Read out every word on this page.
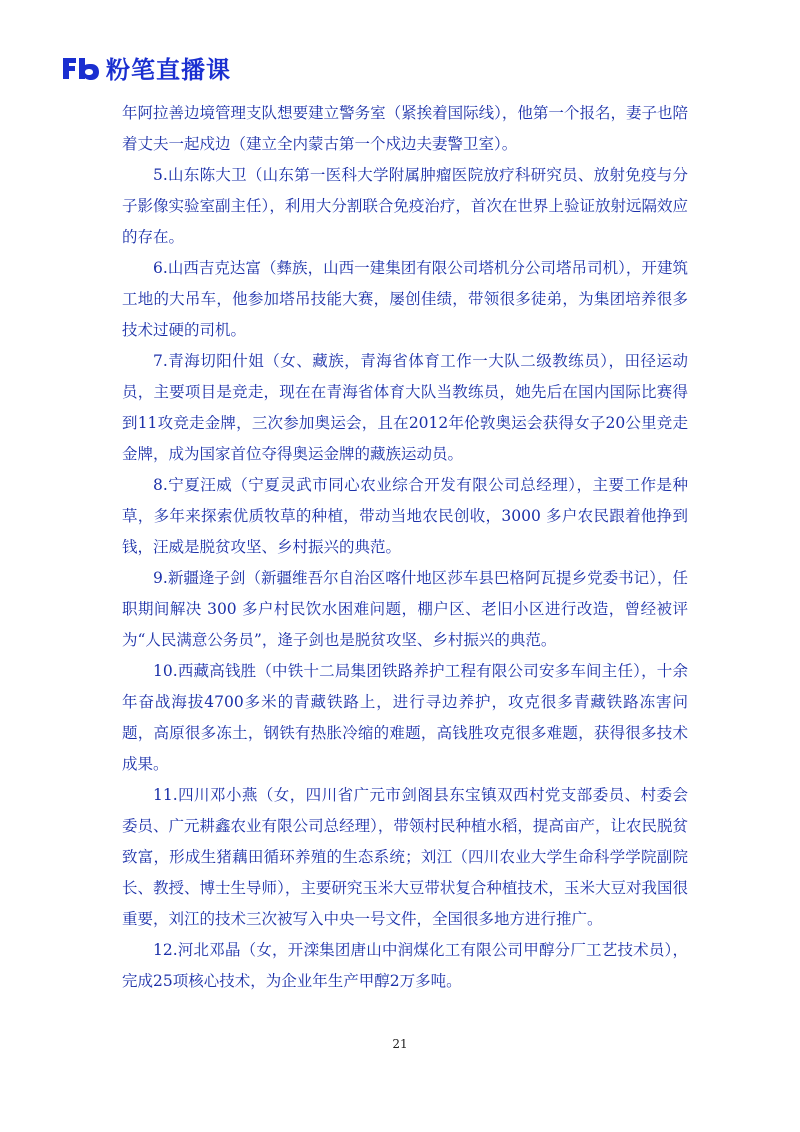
粉笔直播课

年阿拉善边境管理支队想要建立警务室（紧挨着国际线），他第一个报名，妻子也陪着丈夫一起戍边（建立全内蒙古第一个戍边夫妻警卫室）。

5.山东陈大卫（山东第一医科大学附属肿瘤医院放疗科研究员、放射免疫与分子影像实验室副主任），利用大分割联合免疫治疗，首次在世界上验证放射远隔效应的存在。

6.山西吉克达富（彝族，山西一建集团有限公司塔机分公司塔吊司机），开建筑工地的大吊车，他参加塔吊技能大赛，屡创佳绩，带领很多徒弟，为集团培养很多技术过硬的司机。

7.青海切阳什姐（女、藏族，青海省体育工作一大队二级教练员），田径运动员，主要项目是竞走，现在在青海省体育大队当教练员，她先后在国内国际比赛得到11攻竞走金牌，三次参加奥运会，且在2012年伦敦奥运会获得女子20公里竞走金牌，成为国家首位夺得奥运金牌的藏族运动员。

8.宁夏汪威（宁夏灵武市同心农业综合开发有限公司总经理），主要工作是种草，多年来探索优质牧草的种植，带动当地农民创收，3000 多户农民跟着他挣到钱，汪威是脱贫攻坚、乡村振兴的典范。

9.新疆逄子剑（新疆维吾尔自治区喀什地区莎车县巴格阿瓦提乡党委书记），任职期间解决 300 多户村民饮水困难问题，棚户区、老旧小区进行改造，曾经被评为“人民满意公务员”，逄子剑也是脱贫攻坚、乡村振兴的典范。

10.西藏高钱胜（中铁十二局集团铁路养护工程有限公司安多车间主任），十余年奋战海拔4700多米的青藏铁路上，进行寻边养护，攻克很多青藏铁路冻害问题，高原很多冻土，钢铁有热胀冷缩的难题，高钱胜攻克很多难题，获得很多技术成果。

11.四川邓小燕（女，四川省广元市剑阁县东宝镇双西村党支部委员、村委会委员、广元耕鑫农业有限公司总经理），带领村民种植水稻，提高亩产，让农民脱贫致富，形成生猪藕田循环养殖的生态系统；刘江（四川农业大学生命科学学院副院长、教授、博士生导师），主要研究玉米大豆带状复合种植技术，玉米大豆对我国很重要，刘江的技术三次被写入中央一号文件，全国很多地方进行推广。

12.河北邓晶（女，开滦集团唐山中润煤化工有限公司甲醇分厂工艺技术员），完成25项核心技术，为企业年生产甲醇2万多吨。

21
